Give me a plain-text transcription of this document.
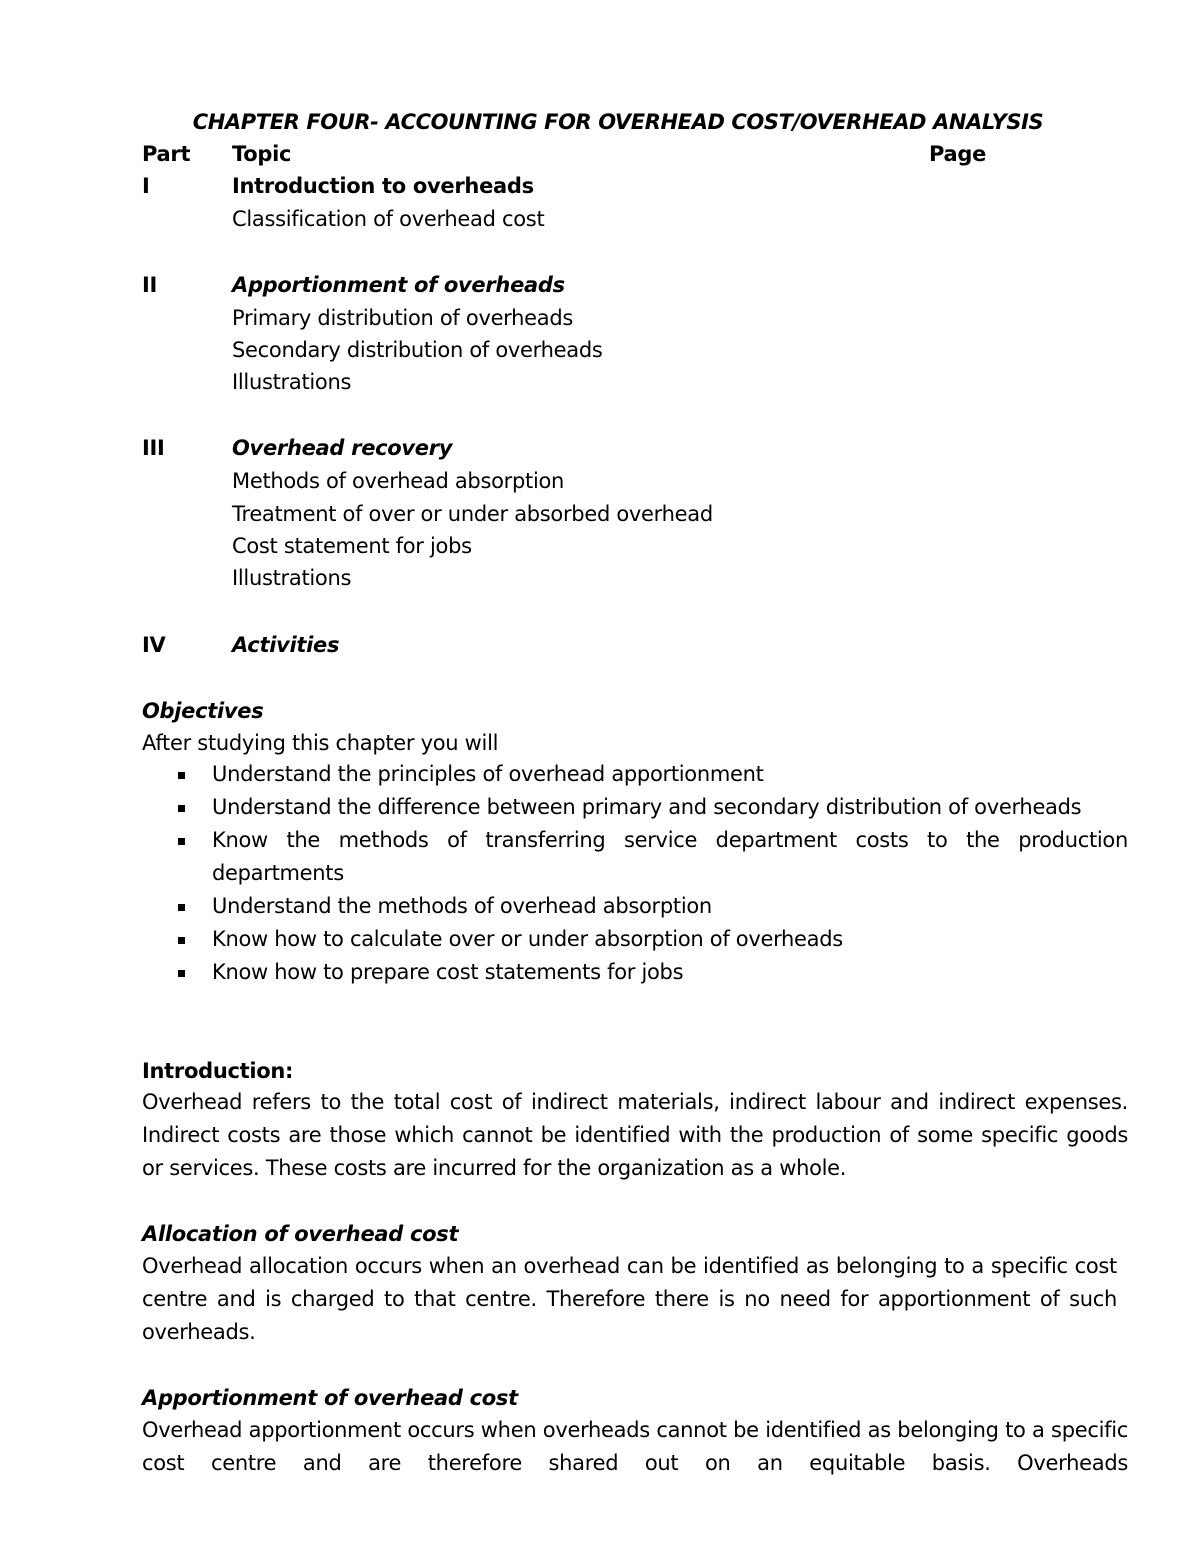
CHAPTER FOUR- ACCOUNTING FOR OVERHEAD COST/OVERHEAD ANALYSIS
Part Topic	Page
I	Introduction to overheads
Classification of overhead cost
II	Apportionment of overheads
Primary distribution of overheads
Secondary distribution of overheads
Illustrations
III	Overhead recovery
Methods of overhead absorption
Treatment of over or under absorbed overhead
Cost statement for jobs
Illustrations
IV	Activities
Objectives
After studying this chapter you will
Understand the principles of overhead apportionment
Understand the difference between primary and secondary distribution of overheads
Know the methods of transferring service department costs to the production departments
Understand the methods of overhead absorption
Know how to calculate over or under absorption of overheads
Know how to prepare cost statements for jobs
Introduction:

Overhead refers to the total cost of indirect materials, indirect labour and indirect expenses. Indirect costs are those which cannot be identified with the production of some specific goods or services. These costs are incurred for the organization as a whole.

Allocation of overhead cost

Overhead allocation occurs when an overhead can be identified as belonging to a specific cost centre and is charged to that centre. Therefore there is no need for apportionment of such overheads.

Apportionment of overhead cost

Overhead apportionment occurs when overheads cannot be identified as belonging to a specific cost centre and are therefore shared out on an equitable basis. Overheads
